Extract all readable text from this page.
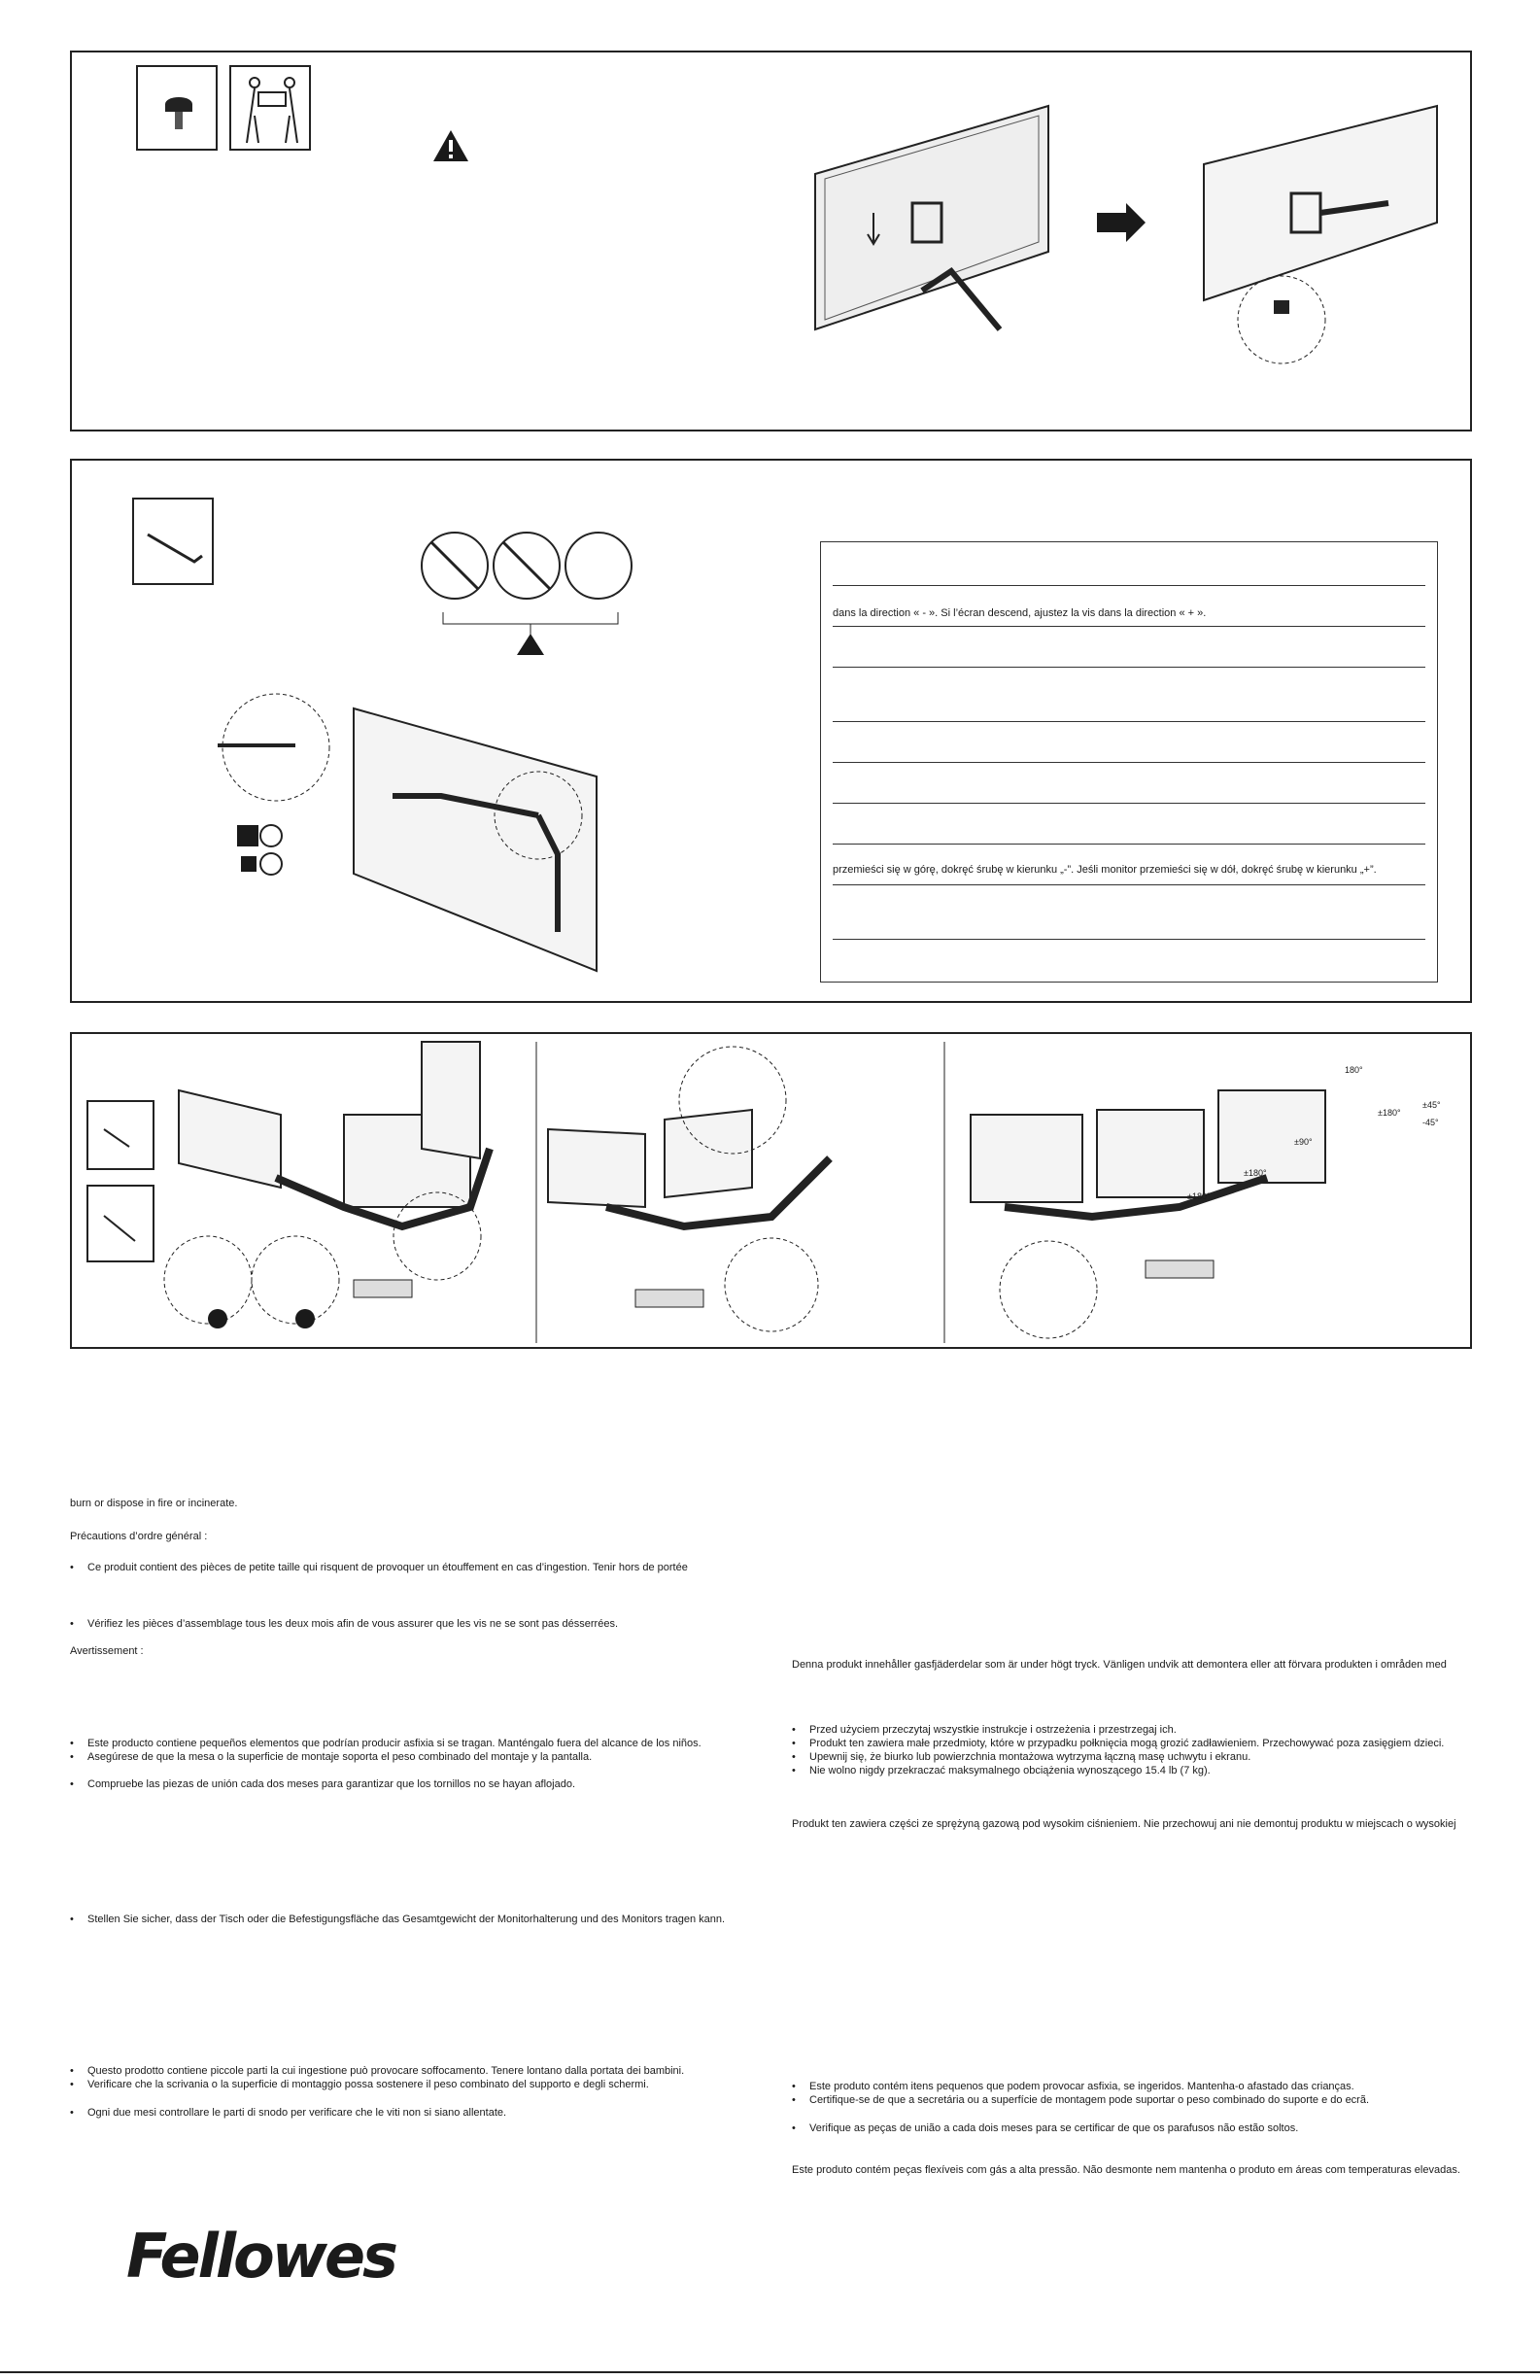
dans la direction « - ». Si l’écran descend, ajustez la vis dans la direction « + ».
przemieści się w górę, dokręć śrubę w kierunku „-”. Jeśli monitor przemieści się w dół, dokręć śrubę w kierunku „+”.
180°
±180°
±45°
-45°
±90°
±180°
±180°
burn or dispose in fire or incinerate.
Précautions d’ordre général :
• Ce produit contient des pièces de petite taille qui risquent de provoquer un étouffement en cas d’ingestion. Tenir hors de portée
• Vérifiez les pièces d’assemblage tous les deux mois afin de vous assurer que les vis ne se sont pas désserrées.
Avertissement :
• Este producto contiene pequeños elementos que podrían producir asfixia si se tragan. Manténgalo fuera del alcance de los niños.
• Asegúrese de que la mesa o la superficie de montaje soporta el peso combinado del montaje y la pantalla.
• Compruebe las piezas de unión cada dos meses para garantizar que los tornillos no se hayan aflojado.
• Stellen Sie sicher, dass der Tisch oder die Befestigungsfläche das Gesamtgewicht der Monitorhalterung und des Monitors tragen kann.
• Questo prodotto contiene piccole parti la cui ingestione può provocare soffocamento. Tenere lontano dalla portata dei bambini.
• Verificare che la scrivania o la superficie di montaggio possa sostenere il peso combinato del supporto e degli schermi.
• Ogni due mesi controllare le parti di snodo per verificare che le viti non si siano allentate.
Denna produkt innehåller gasfjäderdelar som är under högt tryck. Vänligen undvik att demontera eller att förvara produkten i områden med
• Przed użyciem przeczytaj wszystkie instrukcje i ostrzeżenia i przestrzegaj ich.
• Produkt ten zawiera małe przedmioty, które w przypadku połknięcia mogą grozić zadławieniem. Przechowywać poza zasięgiem dzieci.
• Upewnij się, że biurko lub powierzchnia montażowa wytrzyma łączną masę uchwytu i ekranu.
• Nie wolno nigdy przekraczać maksymalnego obciążenia wynoszącego 15.4 lb (7 kg).
Produkt ten zawiera części ze sprężyną gazową pod wysokim ciśnieniem. Nie przechowuj ani nie demontuj produktu w miejscach o wysokiej
• Este produto contém itens pequenos que podem provocar asfixia, se ingeridos. Mantenha-o afastado das crianças.
• Certifique-se de que a secretária ou a superfície de montagem pode suportar o peso combinado do suporte e do ecrã.
• Verifique as peças de união a cada dois meses para se certificar de que os parafusos não estão soltos.
Este produto contém peças flexíveis com gás a alta pressão. Não desmonte nem mantenha o produto em áreas com temperaturas elevadas.
Fellowes
